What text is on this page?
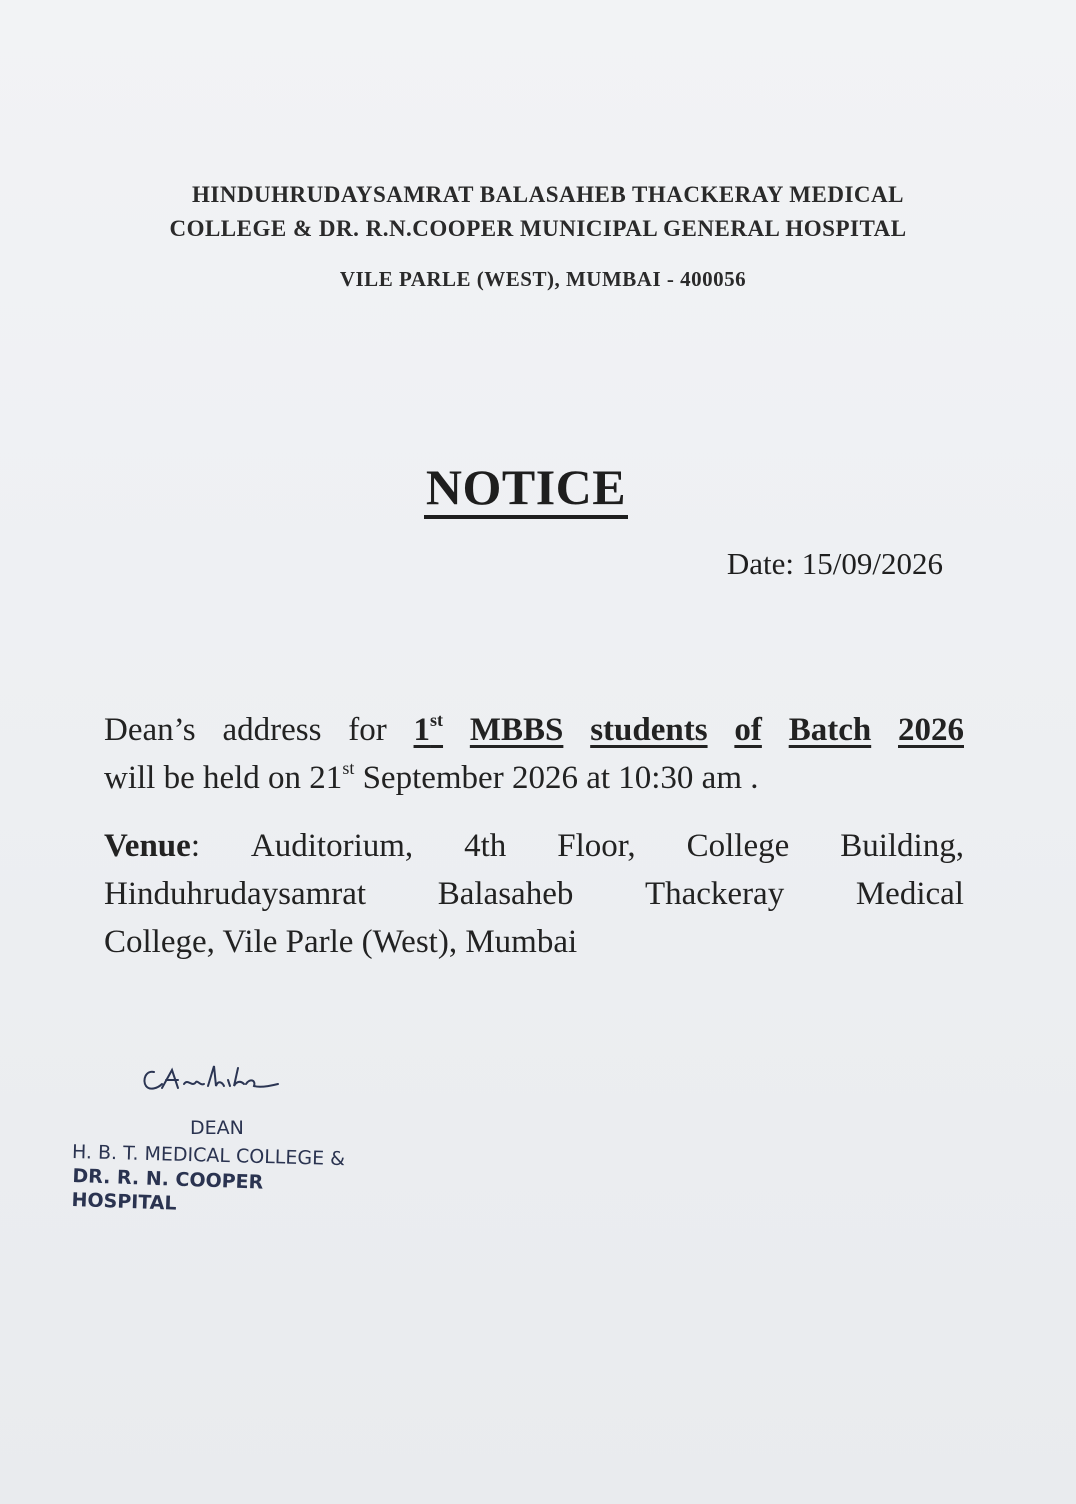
HINDUHRUDAYSAMRAT BALASAHEB THACKERAY MEDICAL
COLLEGE & DR. R.N.COOPER MUNICIPAL GENERAL HOSPITAL
VILE PARLE (WEST), MUMBAI - 400056
NOTICE
Date: 15/09/2026
Dean’s address for 1st MBBS students of Batch 2026
will be held on 21st September 2026 at 10:30 am .
Venue: Auditorium, 4th Floor, College Building,
Hinduhrudaysamrat Balasaheb Thackeray Medical
College, Vile Parle (West), Mumbai
DEAN
H. B. T. MEDICAL COLLEGE &
DR. R. N. COOPER HOSPITAL
